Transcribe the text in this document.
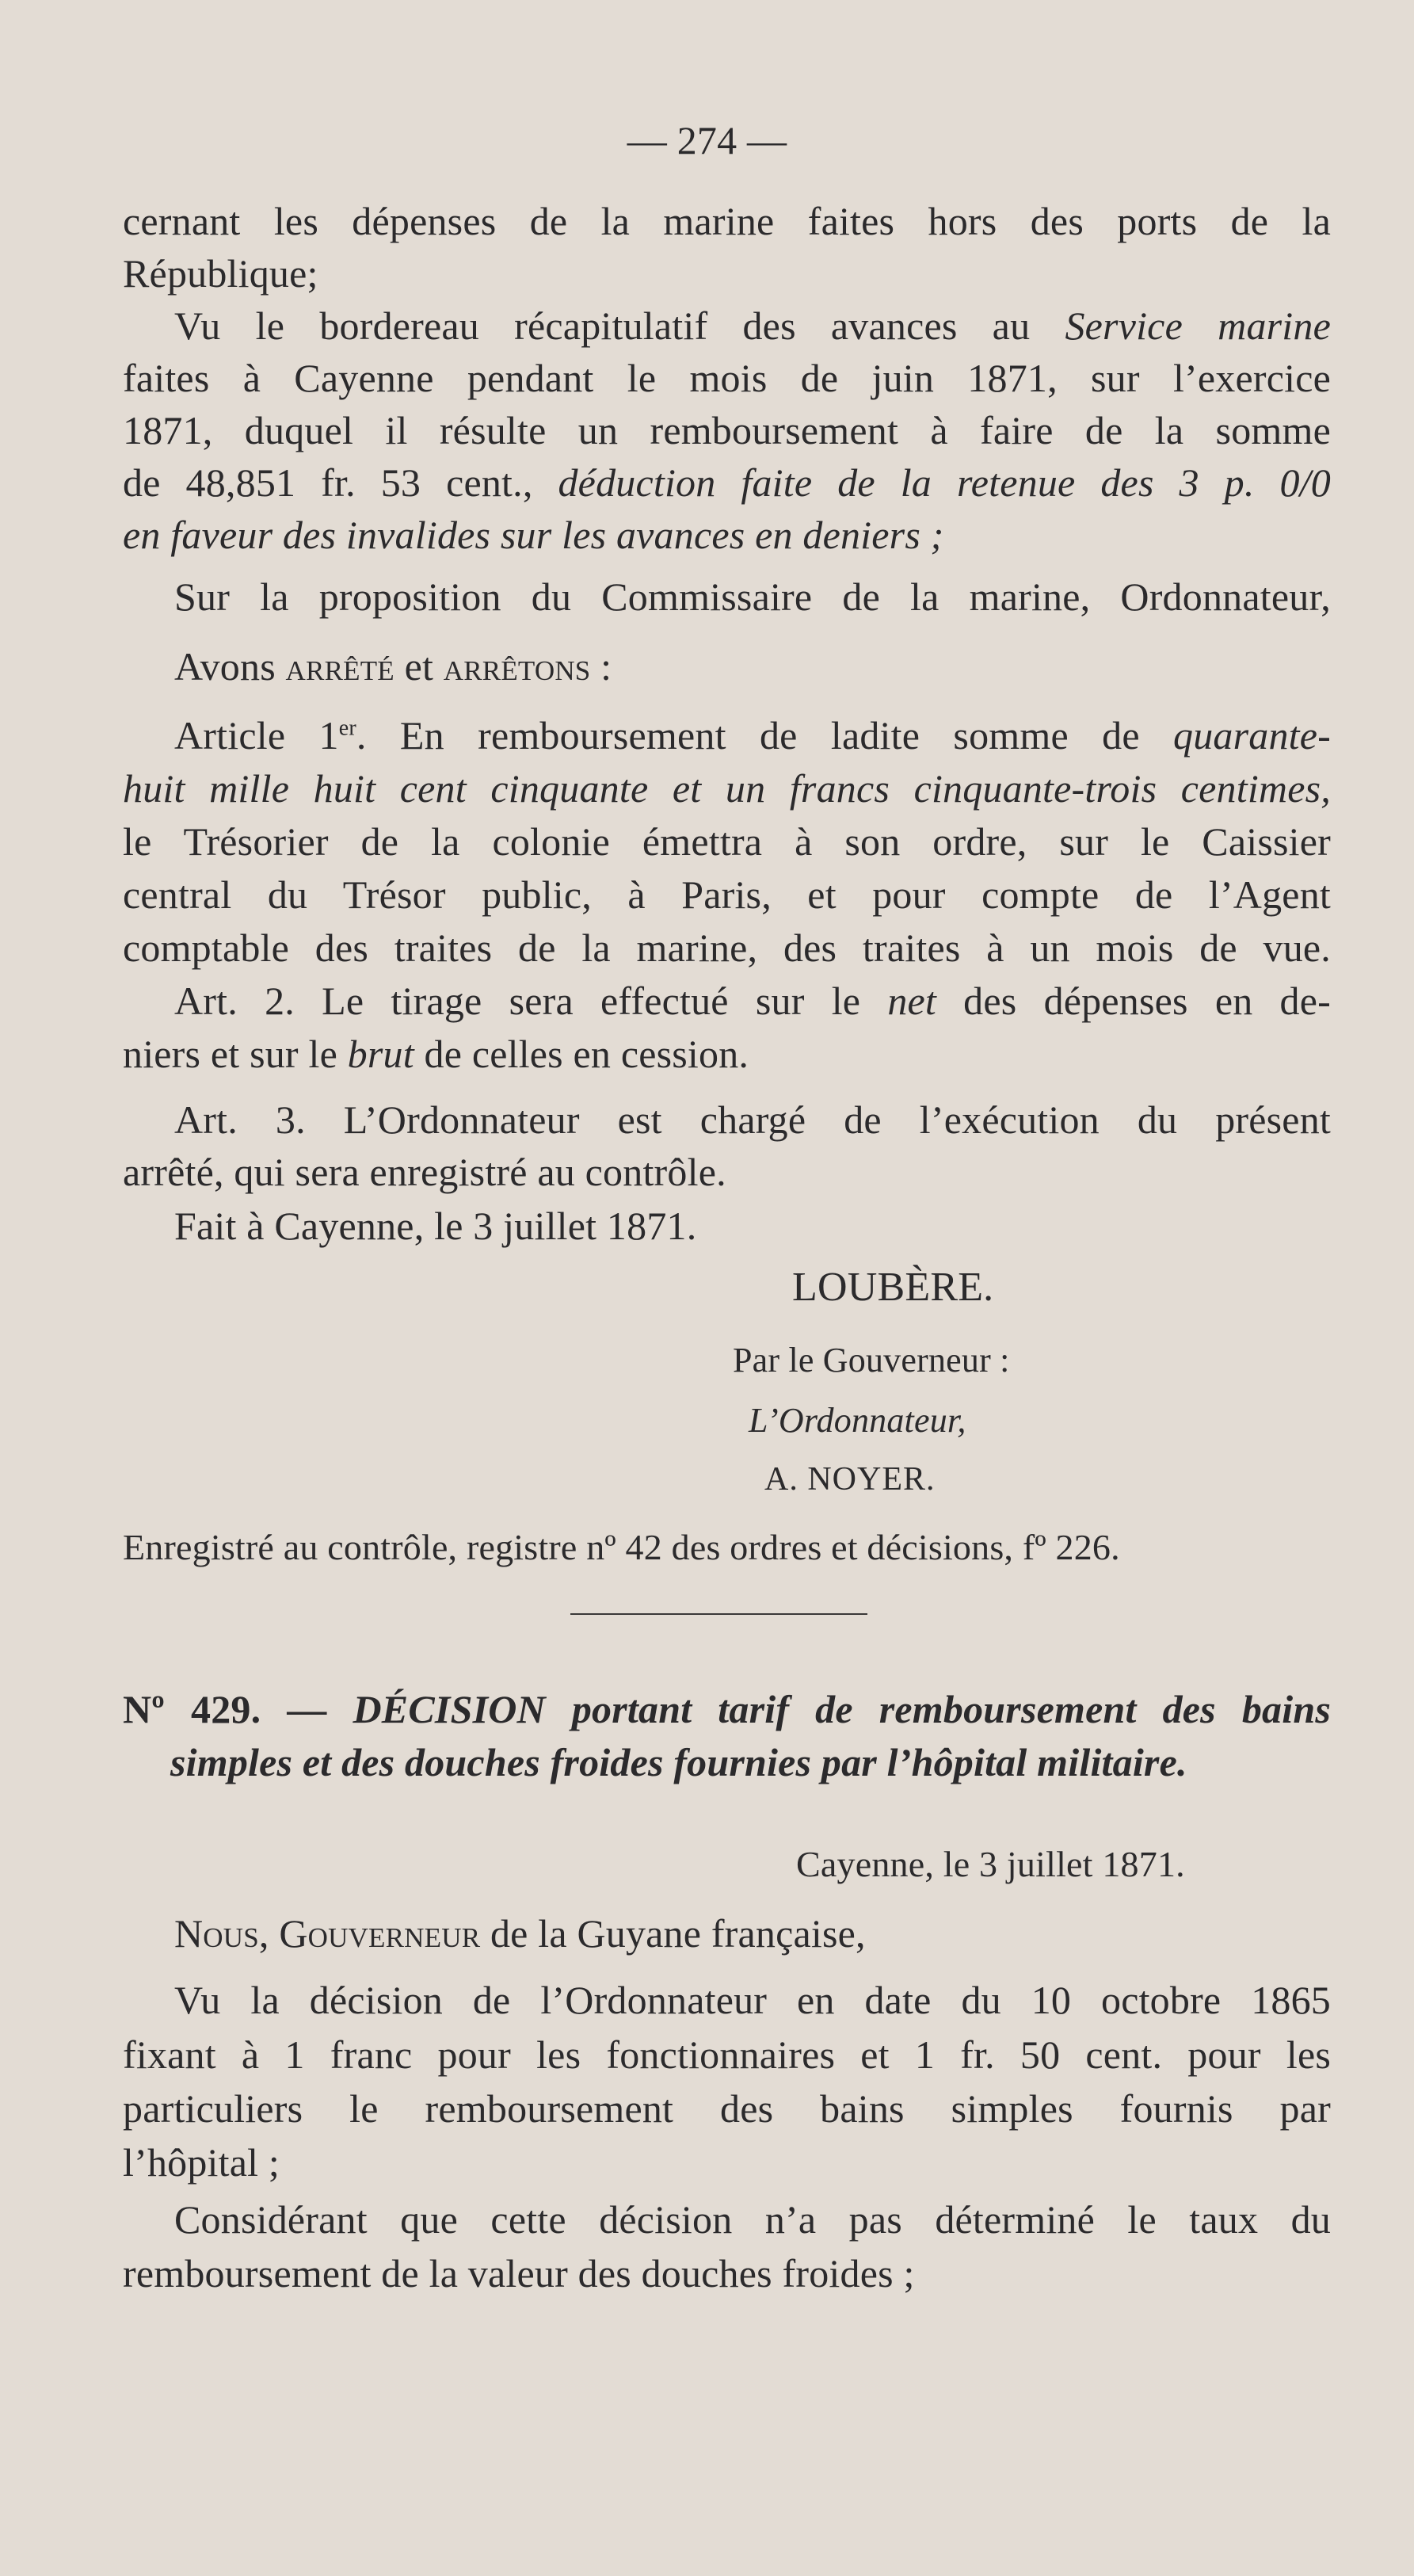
— 274 —

cernant les dépenses de la marine faites hors des ports de la

République;

Vu le bordereau récapitulatif des avances au Service marine

faites à Cayenne pendant le mois de juin 1871, sur l’exercice

1871, duquel il résulte un remboursement à faire de la somme

de 48,851 fr. 53 cent., déduction faite de la retenue des 3 p. 0/0

en faveur des invalides sur les avances en deniers ;

Sur la proposition du Commissaire de la marine, Ordonnateur,

Avons arrêté et arrêtons :

Article 1er. En remboursement de ladite somme de quarante-

huit mille huit cent cinquante et un francs cinquante-trois centimes,

le Trésorier de la colonie émettra à son ordre, sur le Caissier

central du Trésor public, à Paris, et pour compte de l’Agent

comptable des traites de la marine, des traites à un mois de vue.

Art. 2. Le tirage sera effectué sur le net des dépenses en de-

niers et sur le brut de celles en cession.

Art. 3. L’Ordonnateur est chargé de l’exécution du présent

arrêté, qui sera enregistré au contrôle.

Fait à Cayenne, le 3 juillet 1871.

LOUBÈRE.

Par le Gouverneur :

L’Ordonnateur,

A. NOYER.

Enregistré au contrôle, registre nº 42 des ordres et décisions, fº 226.

Nº 429. — DÉCISION portant tarif de remboursement des bains

simples et des douches froides fournies par l’hôpital militaire.

Cayenne, le 3 juillet 1871.

Nous, Gouverneur de la Guyane française,

Vu la décision de l’Ordonnateur en date du 10 octobre 1865

fixant à 1 franc pour les fonctionnaires et 1 fr. 50 cent. pour les

particuliers le remboursement des bains simples fournis par

l’hôpital ;

Considérant que cette décision n’a pas déterminé le taux du

remboursement de la valeur des douches froides ;
